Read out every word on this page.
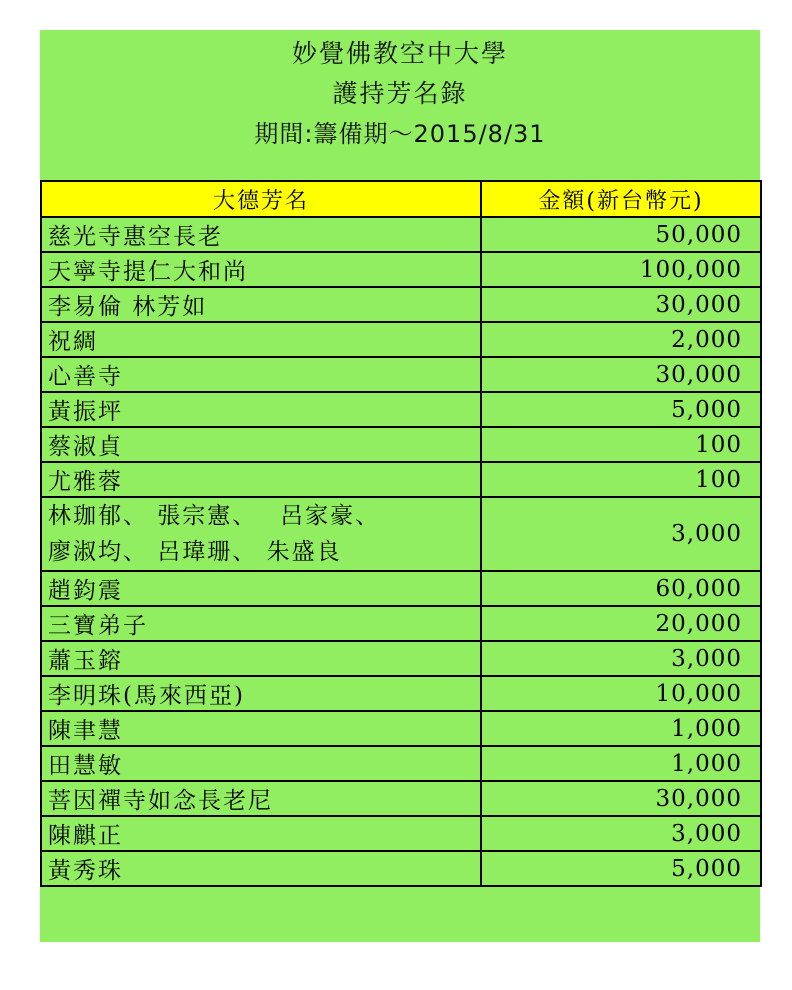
妙覺佛教空中大學
護持芳名錄
期間:籌備期～2015/8/31
大德芳名	金額(新台幣元)
慈光寺惠空長老	50,000
天寧寺提仁大和尚	100,000
李易倫 林芳如	30,000
祝綢	2,000
心善寺	30,000
黃振坪	5,000
蔡淑貞	100
尤雅蓉	100

林珈郁、 張宗憲、　 呂家豪、
廖淑均、 呂瑋珊、 朱盛良	3,000
趙鈞震	60,000
三寶弟子	20,000
蕭玉鎔	3,000
李明珠(馬來西亞)	10,000
陳聿慧	1,000
田慧敏	1,000
菩因禪寺如念長老尼	30,000
陳麒正	3,000
黃秀珠	5,000
